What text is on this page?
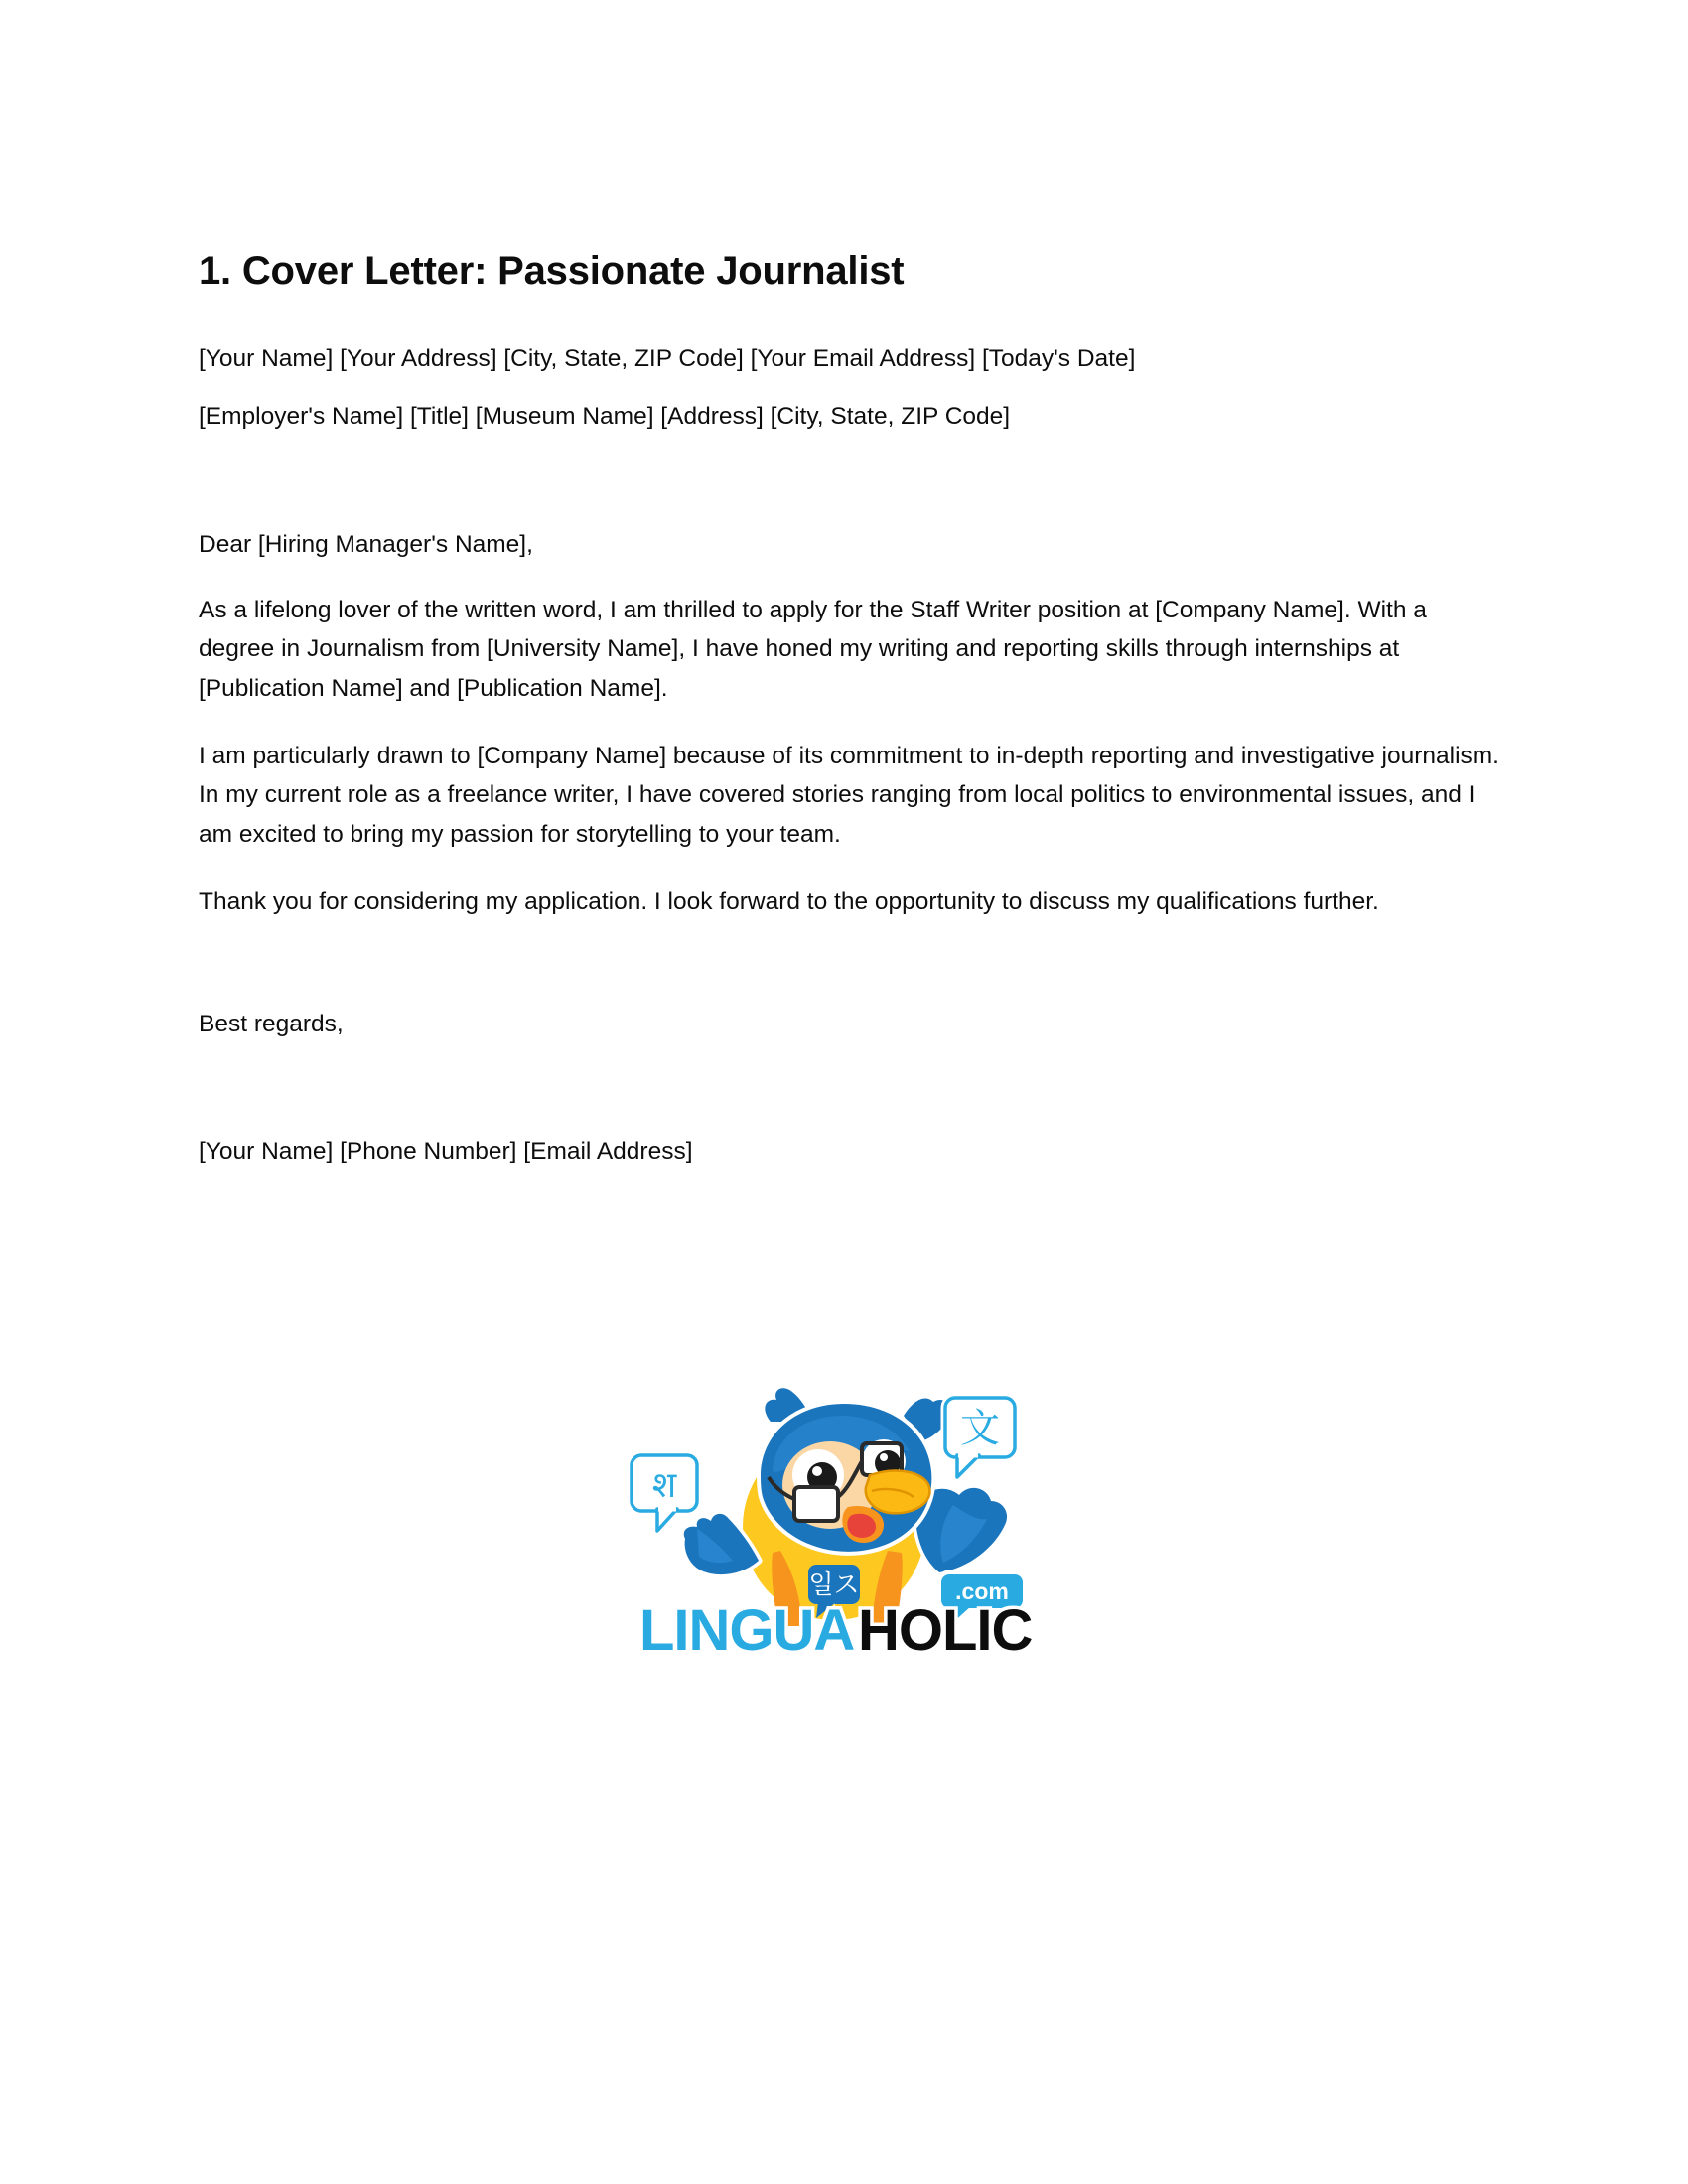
1. Cover Letter: Passionate Journalist

[Your Name] [Your Address] [City, State, ZIP Code] [Your Email Address] [Today's Date]

[Employer's Name] [Title] [Museum Name] [Address] [City, State, ZIP Code]

Dear [Hiring Manager's Name],

As a lifelong lover of the written word, I am thrilled to apply for the Staff Writer position at [Company Name]. With a degree in Journalism from [University Name], I have honed my writing and reporting skills through internships at [Publication Name] and [Publication Name].

I am particularly drawn to [Company Name] because of its commitment to in-depth reporting and investigative journalism. In my current role as a freelance writer, I have covered stories ranging from local politics to environmental issues, and I am excited to bring my passion for storytelling to your team.

Thank you for considering my application. I look forward to the opportunity to discuss my qualifications further.

Best regards,

[Your Name] [Phone Number] [Email Address]

श
文
일ス	.com
LINGUA HOLIC
